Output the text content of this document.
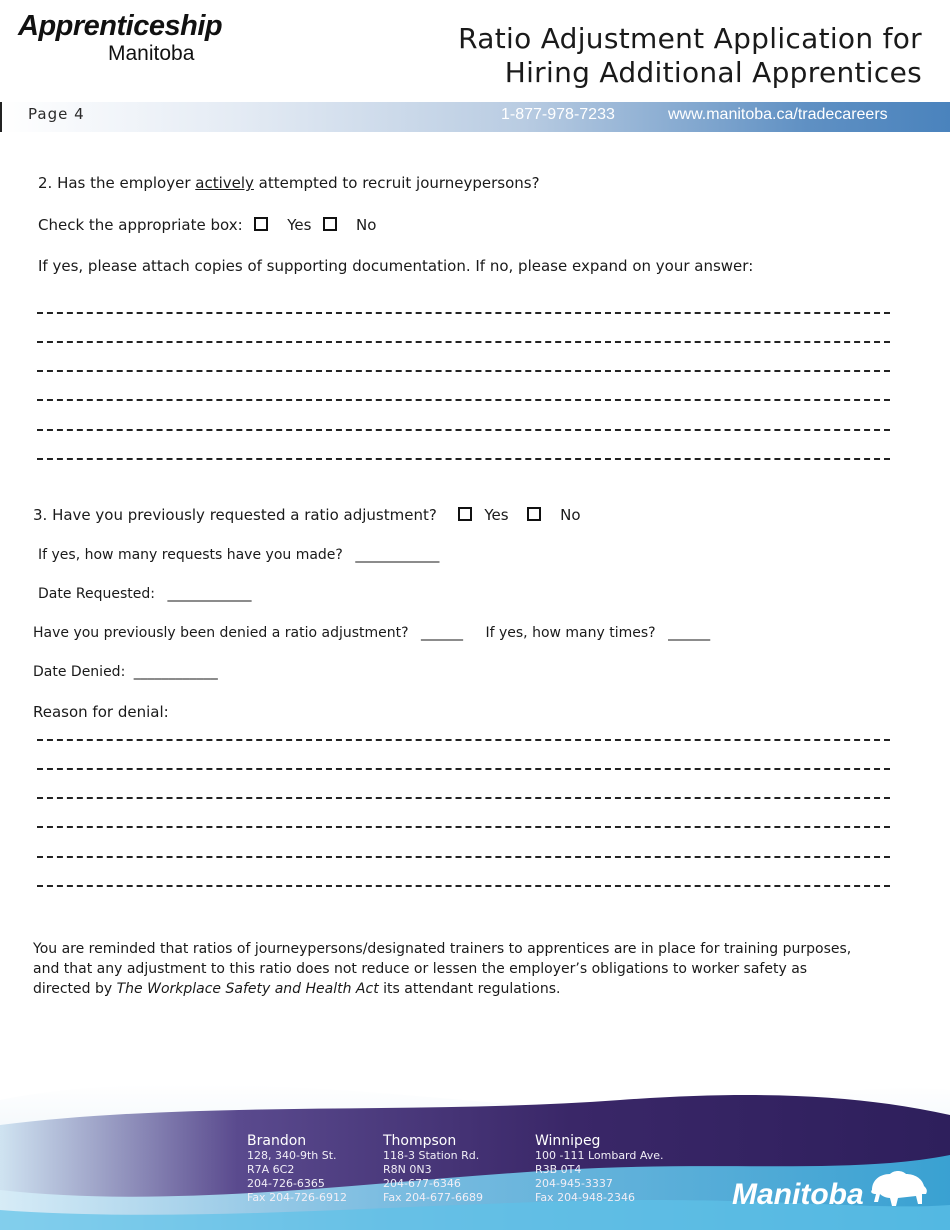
Apprenticeship
Manitoba	Ratio Adjustment Application for
Hiring Additional Apprentices
Page 4	1-877-978-7233	www.manitoba.ca/tradecareers
2. Has the employer actively attempted to recruit journeypersons?
Check the appropriate box:	Yes	No
If yes, please attach copies of supporting documentation. If no, please expand on your answer:
3. Have you previously requested a ratio adjustment?	Yes	No
If yes, how many requests have you made? ____________
Date Requested: ____________
Have you previously been denied a ratio adjustment? ______ If yes, how many times? ______
Date Denied: ____________
Reason for denial:
You are reminded that ratios of journeypersons/designated trainers to apprentices are in place for training purposes,
and that any adjustment to this ratio does not reduce or lessen the employer’s obligations to worker safety as
directed by The Workplace Safety and Health Act its attendant regulations.
Brandon
128, 340-9th St.
R7A 6C2
204-726-6365
Fax 204-726-6912
Thompson
118-3 Station Rd.
R8N 0N3
204-677-6346
Fax 204-677-6689
Winnipeg
100 -111 Lombard Ave.
R3B 0T4
204-945-3337
Fax 204-948-2346	Manitoba
